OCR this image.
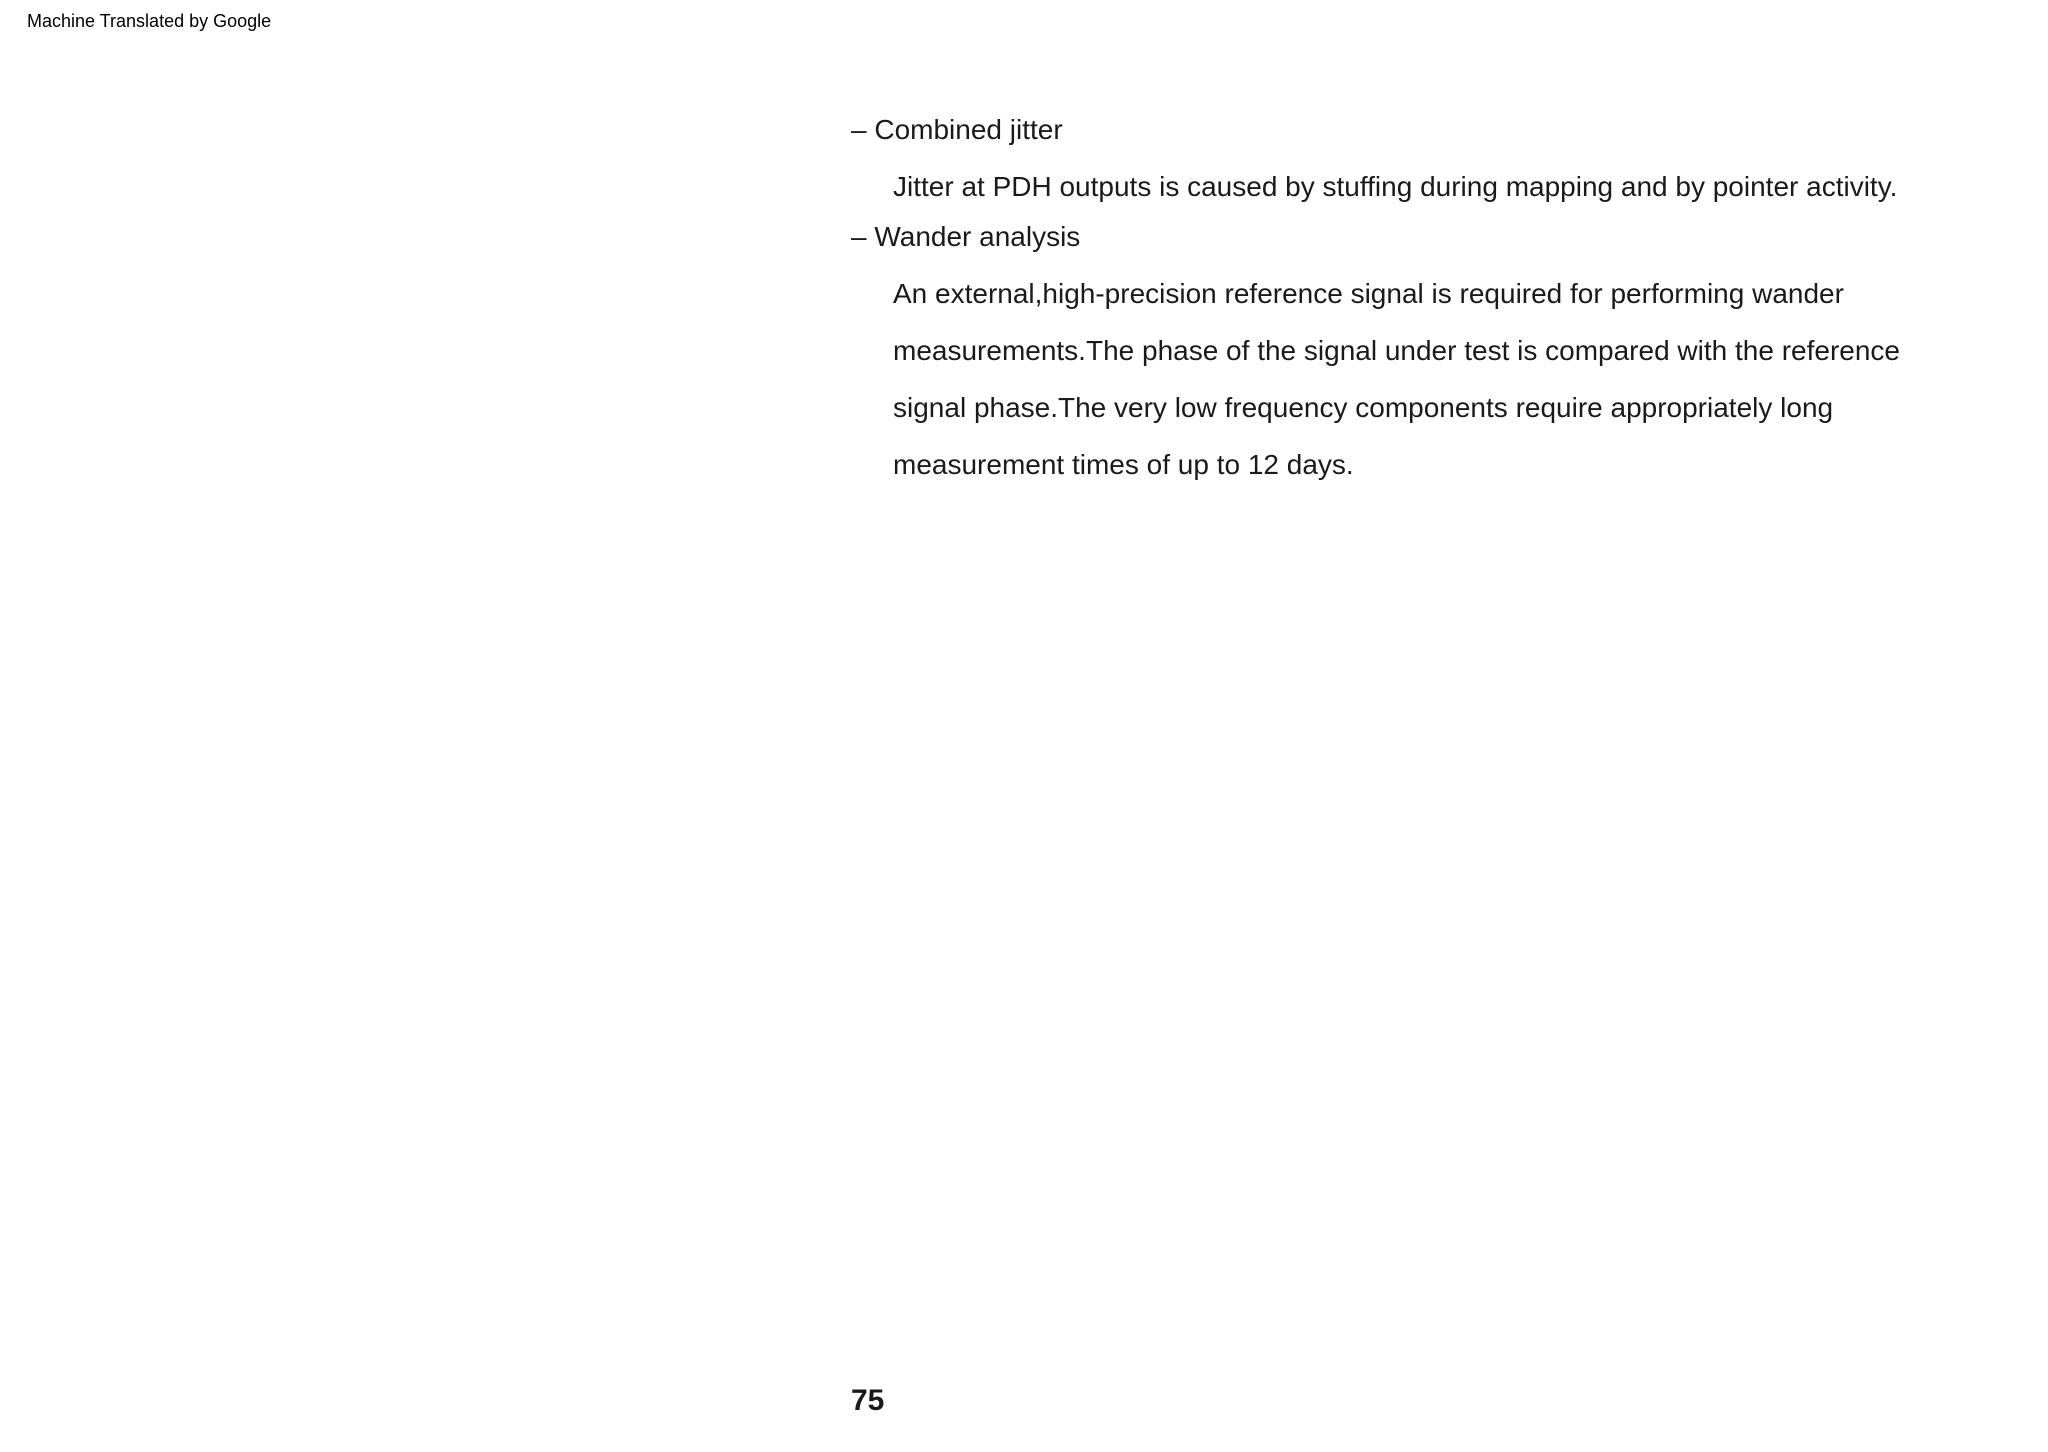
Machine Translated by Google
– Combined jitter
Jitter at PDH outputs is caused by stuffing during mapping and by pointer activity.
– Wander analysis
An external,high-precision reference signal is required for performing wander
measurements.The phase of the signal under test is compared with the reference
signal phase.The very low frequency components require appropriately long
measurement times of up to 12 days.
75
